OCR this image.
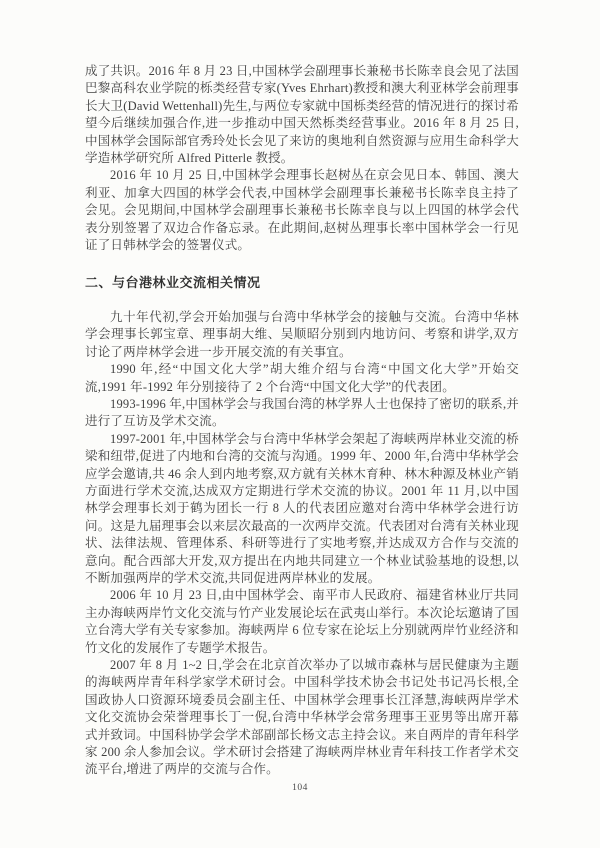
成了共识。2016 年 8 月 23 日,中国林学会副理事长兼秘书长陈幸良会见了法国巴黎高科农业学院的栎类经营专家(Yves Ehrhart)教授和澳大利亚林学会前理事长大卫(David Wettenhall)先生,与两位专家就中国栎类经营的情况进行的探讨希望今后继续加强合作,进一步推动中国天然栎类经营事业。2016 年 8 月 25 日,中国林学会国际部官秀玲处长会见了来访的奥地利自然资源与应用生命科学大学造林学研究所 Alfred Pitterle 教授。

2016 年 10 月 25 日,中国林学会理事长赵树丛在京会见日本、韩国、澳大利亚、加拿大四国的林学会代表,中国林学会副理事长兼秘书长陈幸良主持了会见。会见期间,中国林学会副理事长兼秘书长陈幸良与以上四国的林学会代表分别签署了双边合作备忘录。在此期间,赵树丛理事长率中国林学会一行见证了日韩林学会的签署仪式。

二、与台港林业交流相关情况

九十年代初,学会开始加强与台湾中华林学会的接触与交流。台湾中华林学会理事长郭宝章、理事胡大维、吴顺昭分别到内地访问、考察和讲学,双方讨论了两岸林学会进一步开展交流的有关事宜。

1990 年,经“中国文化大学”胡大维介绍与台湾“中国文化大学”开始交流,1991 年-1992 年分别接待了 2 个台湾“中国文化大学”的代表团。

1993-1996 年,中国林学会与我国台湾的林学界人士也保持了密切的联系,并进行了互访及学术交流。

1997-2001 年,中国林学会与台湾中华林学会架起了海峡两岸林业交流的桥梁和纽带,促进了内地和台湾的交流与沟通。1999 年、2000 年,台湾中华林学会应学会邀请,共 46 余人到内地考察,双方就有关林木育种、林木种源及林业产销方面进行学术交流,达成双方定期进行学术交流的协议。2001 年 11 月,以中国林学会理事长刘于鹤为团长一行 8 人的代表团应邀对台湾中华林学会进行访问。这是九届理事会以来层次最高的一次两岸交流。代表团对台湾有关林业现状、法律法规、管理体系、科研等进行了实地考察,并达成双方合作与交流的意向。配合西部大开发,双方提出在内地共同建立一个林业试验基地的设想,以不断加强两岸的学术交流,共同促进两岸林业的发展。

2006 年 10 月 23 日,由中国林学会、南平市人民政府、福建省林业厅共同主办海峡两岸竹文化交流与竹产业发展论坛在武夷山举行。本次论坛邀请了国立台湾大学有关专家参加。海峡两岸 6 位专家在论坛上分别就两岸竹业经济和竹文化的发展作了专题学术报告。

2007 年 8 月 1~2 日,学会在北京首次举办了以城市森林与居民健康为主题的海峡两岸青年科学家学术研讨会。中国科学技术协会书记处书记冯长根,全国政协人口资源环境委员会副主任、中国林学会理事长江泽慧,海峡两岸学术文化交流协会荣誉理事长丁一倪,台湾中华林学会常务理事王亚男等出席开幕式并致词。中国科协学会学术部副部长杨文志主持会议。来自两岸的青年科学家 200 余人参加会议。学术研讨会搭建了海峡两岸林业青年科技工作者学术交流平台,增进了两岸的交流与合作。

104
